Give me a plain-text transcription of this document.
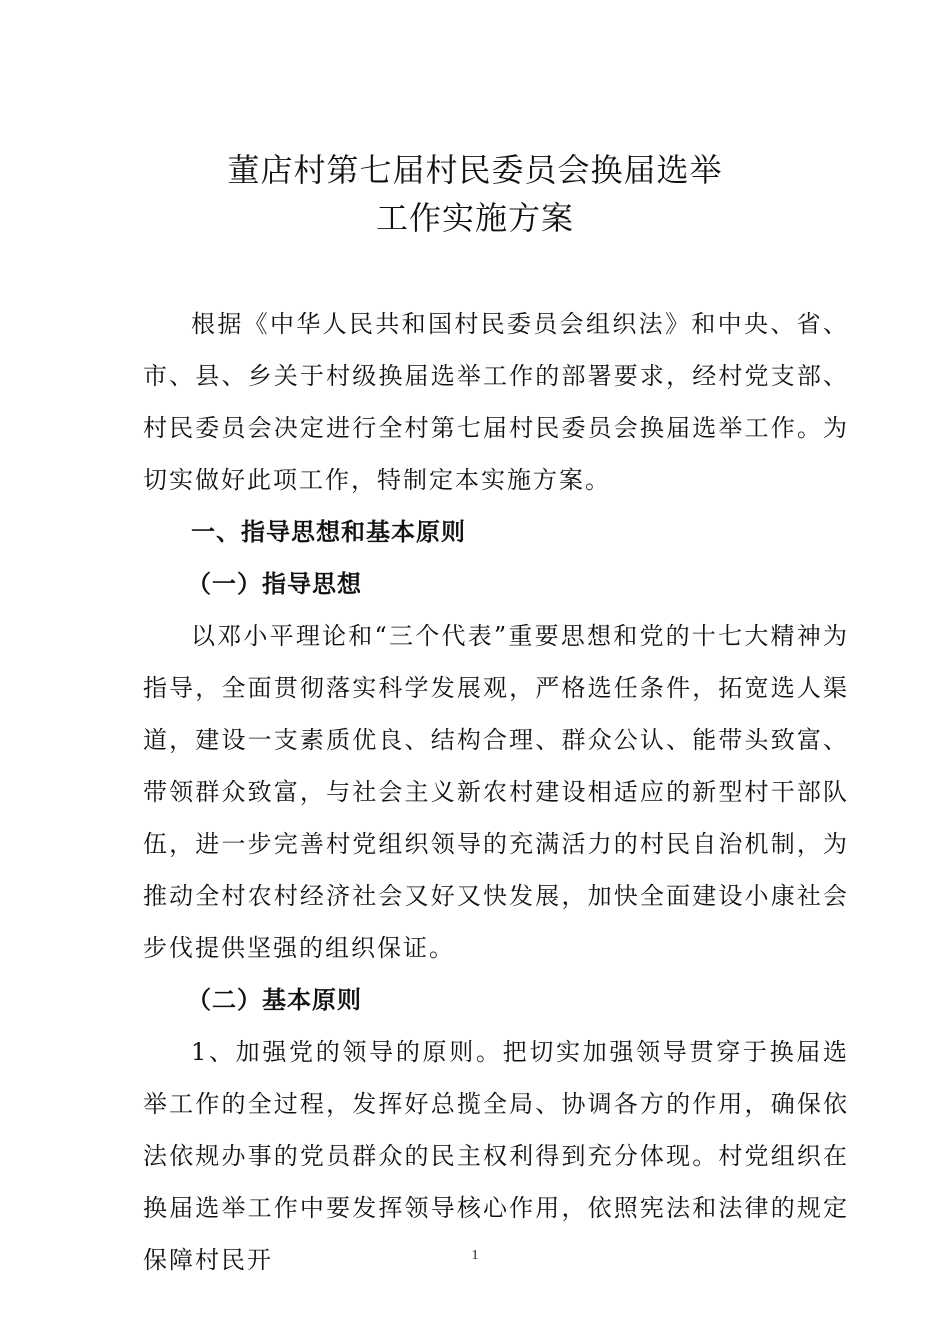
董店村第七届村民委员会换届选举
工作实施方案

根据《中华人民共和国村民委员会组织法》和中央、省、市、县、乡关于村级换届选举工作的部署要求，经村党支部、村民委员会决定进行全村第七届村民委员会换届选举工作。为切实做好此项工作，特制定本实施方案。

一、指导思想和基本原则

（一）指导思想

以邓小平理论和“三个代表”重要思想和党的十七大精神为指导，全面贯彻落实科学发展观，严格选任条件，拓宽选人渠道，建设一支素质优良、结构合理、群众公认、能带头致富、带领群众致富，与社会主义新农村建设相适应的新型村干部队伍，进一步完善村党组织领导的充满活力的村民自治机制，为推动全村农村经济社会又好又快发展，加快全面建设小康社会步伐提供坚强的组织保证。

（二）基本原则

1、加强党的领导的原则。把切实加强领导贯穿于换届选举工作的全过程，发挥好总揽全局、协调各方的作用，确保依法依规办事的党员群众的民主权利得到充分体现。村党组织在换届选举工作中要发挥领导核心作用，依照宪法和法律的规定保障村民开	1
